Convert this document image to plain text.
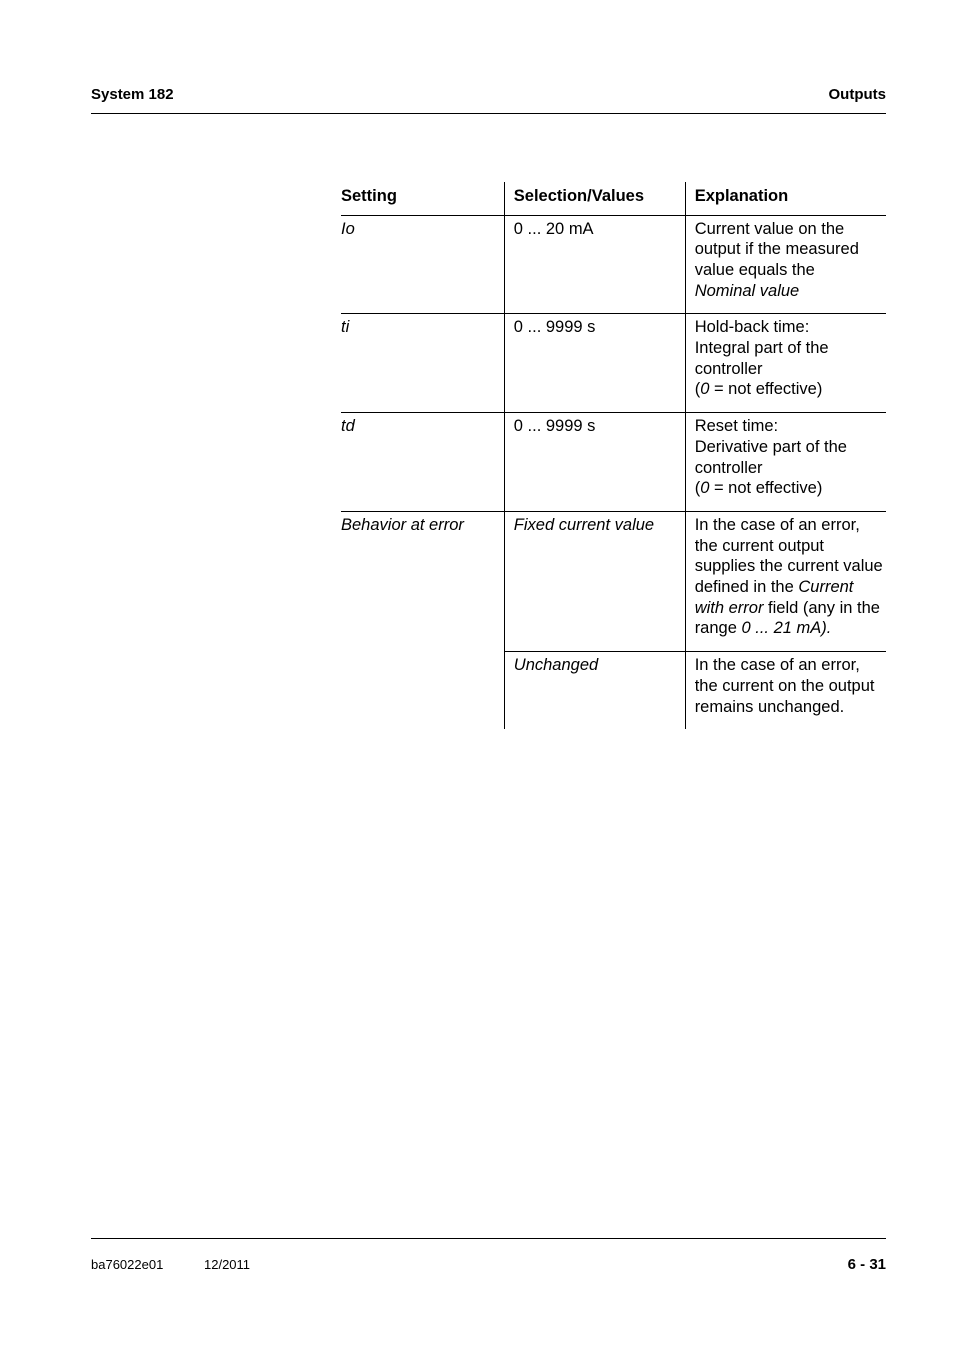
System 182	Outputs
Setting	Selection/Values	Explanation
Io	0 ... 20 mA	Current value on the output if the measured value equals the
Nominal value
ti	0 ... 9999 s	Hold-back time:
Integral part of the controller
(0 = not effective)
td	0 ... 9999 s	Reset time:
Derivative part of the controller
(0 = not effective)
Behavior at error	Fixed current value	In the case of an error, the current output supplies the current value defined in the Current with error field (any in the range 0 ... 21 mA).
	Unchanged	In the case of an error, the current on the output remains unchanged.
ba76022e01	12/2011	6 - 31
